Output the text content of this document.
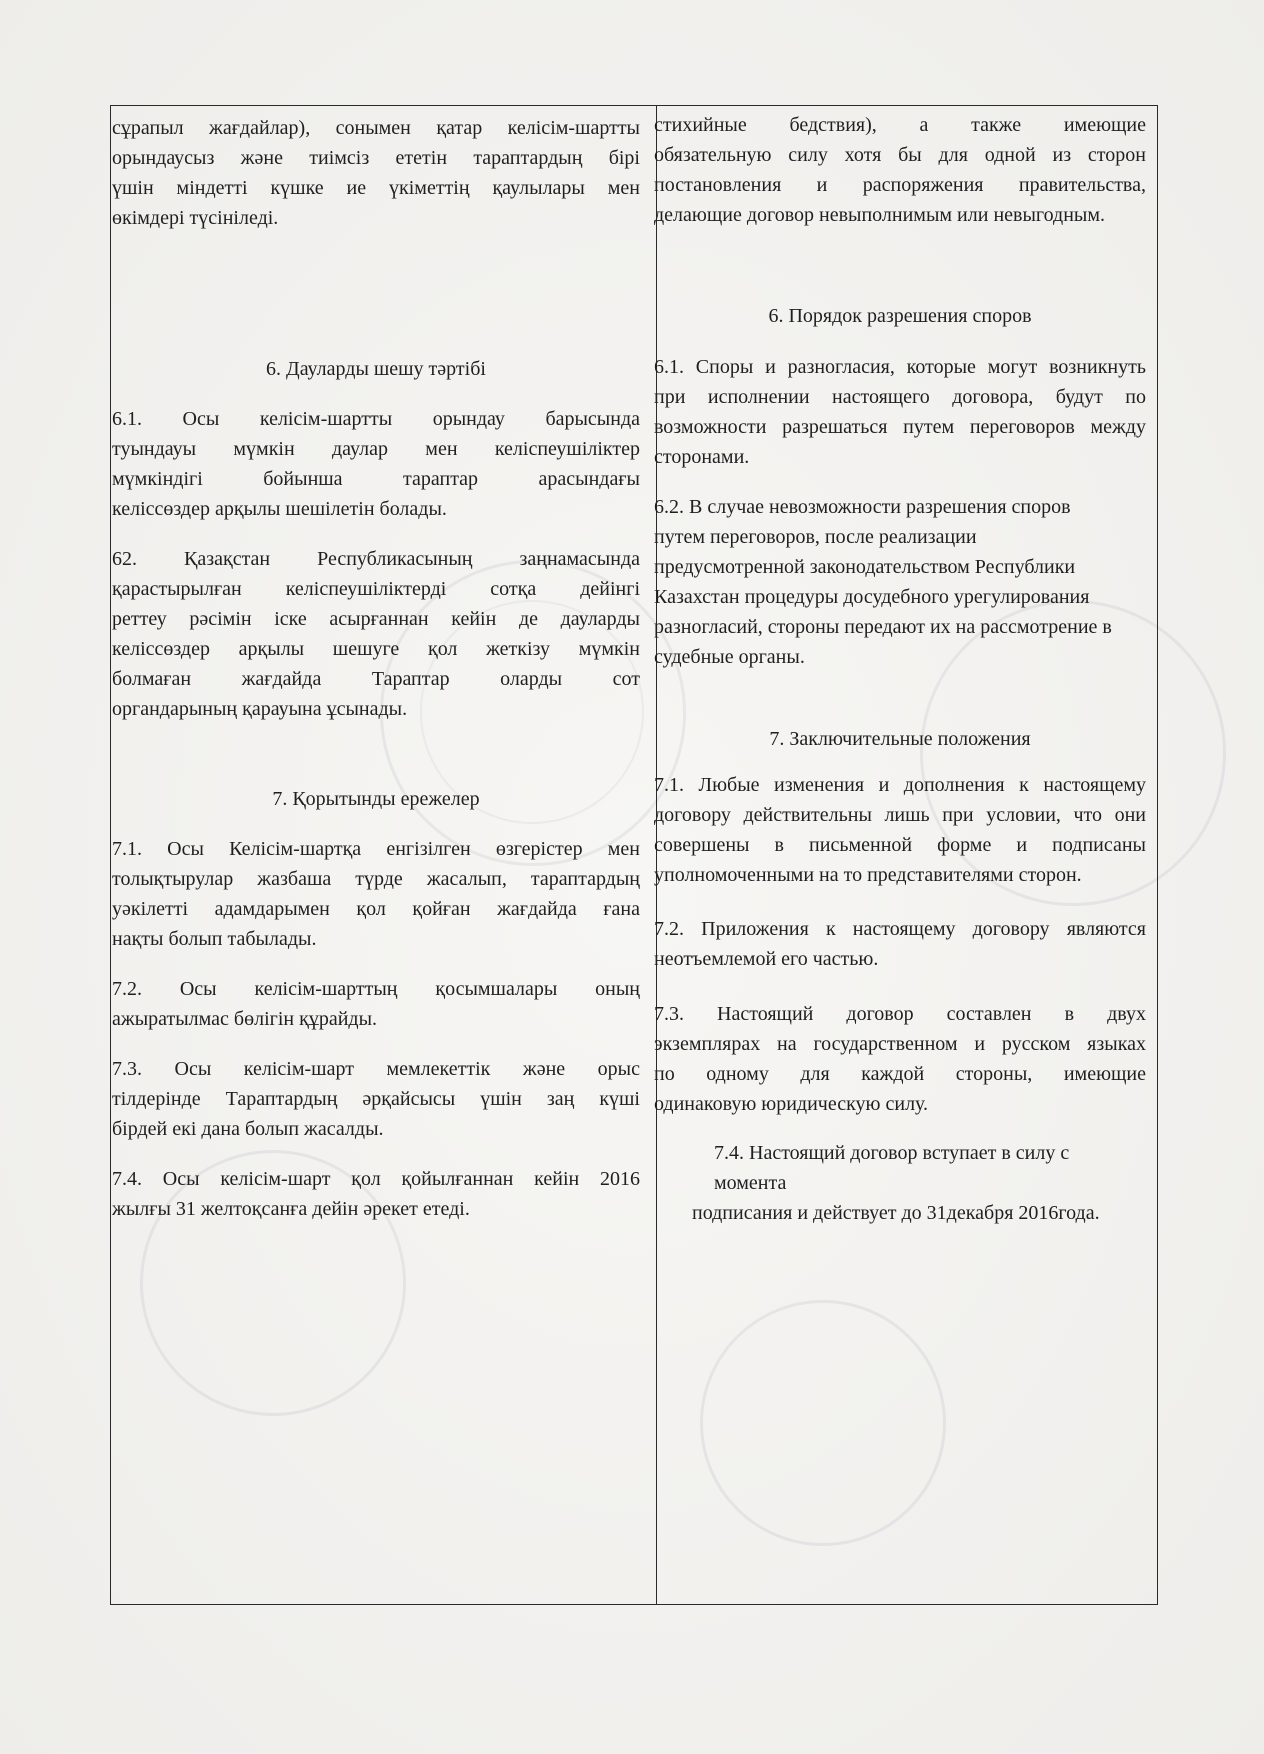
сұрапыл жағдайлар), сонымен қатар келісім-шартты
орындаусыз және тиімсіз ететін тараптардың бірі
үшін міндетті күшке ие үкіметтің қаулылары мен
өкімдері түсініледі.
6. Дауларды шешу тәртібі
6.1. Осы келісім-шартты орындау барысында
туындауы мүмкін даулар мен келіспеушіліктер
мүмкіндігі бойынша тараптар арасындағы
келіссөздер арқылы шешілетін болады.
62. Қазақстан Республикасының заңнамасында
қарастырылған келіспеушіліктерді сотқа дейінгі
реттеу рәсімін іске асырғаннан кейін де дауларды
келіссөздер арқылы шешуге қол жеткізу мүмкін
болмаған жағдайда Тараптар оларды сот
органдарының қарауына ұсынады.
7. Қорытынды ережелер
7.1. Осы Келісім-шартқа енгізілген өзгерістер мен
толықтырулар жазбаша түрде жасалып, тараптардың
уәкілетті адамдарымен қол қойған жағдайда ғана
нақты болып табылады.
7.2. Осы келісім-шарттың қосымшалары оның
ажыратылмас бөлігін құрайды.
7.3. Осы келісім-шарт мемлекеттік және орыс
тілдерінде Тараптардың әрқайсысы үшін заң күші
бірдей екі дана болып жасалды.
7.4. Осы келісім-шарт қол қойылғаннан кейін 2016
жылғы 31 желтоқсанға дейін әрекет етеді.
стихийные бедствия), а также имеющие
обязательную силу хотя бы для одной из сторон
постановления и распоряжения правительства,
делающие договор невыполнимым или невыгодным.
6. Порядок разрешения споров
6.1. Споры и разногласия, которые могут возникнуть
при исполнении настоящего договора, будут по
возможности разрешаться путем переговоров между
сторонами.
6.2. В случае невозможности разрешения споров
путем переговоров, после реализации
предусмотренной законодательством Республики
Казахстан процедуры досудебного урегулирования
разногласий, стороны передают их на рассмотрение в
судебные органы.
7. Заключительные положения
7.1. Любые изменения и дополнения к настоящему
договору действительны лишь при условии, что они
совершены в письменной форме и подписаны
уполномоченными на то представителями сторон.
7.2. Приложения к настоящему договору являются
неотъемлемой его частью.
7.3. Настоящий договор составлен в двух
экземплярах на государственном и русском языках
по одному для каждой стороны, имеющие
одинаковую юридическую силу.
7.4. Настоящий договор вступает в силу с момента
подписания и действует до 31декабря 2016года.
